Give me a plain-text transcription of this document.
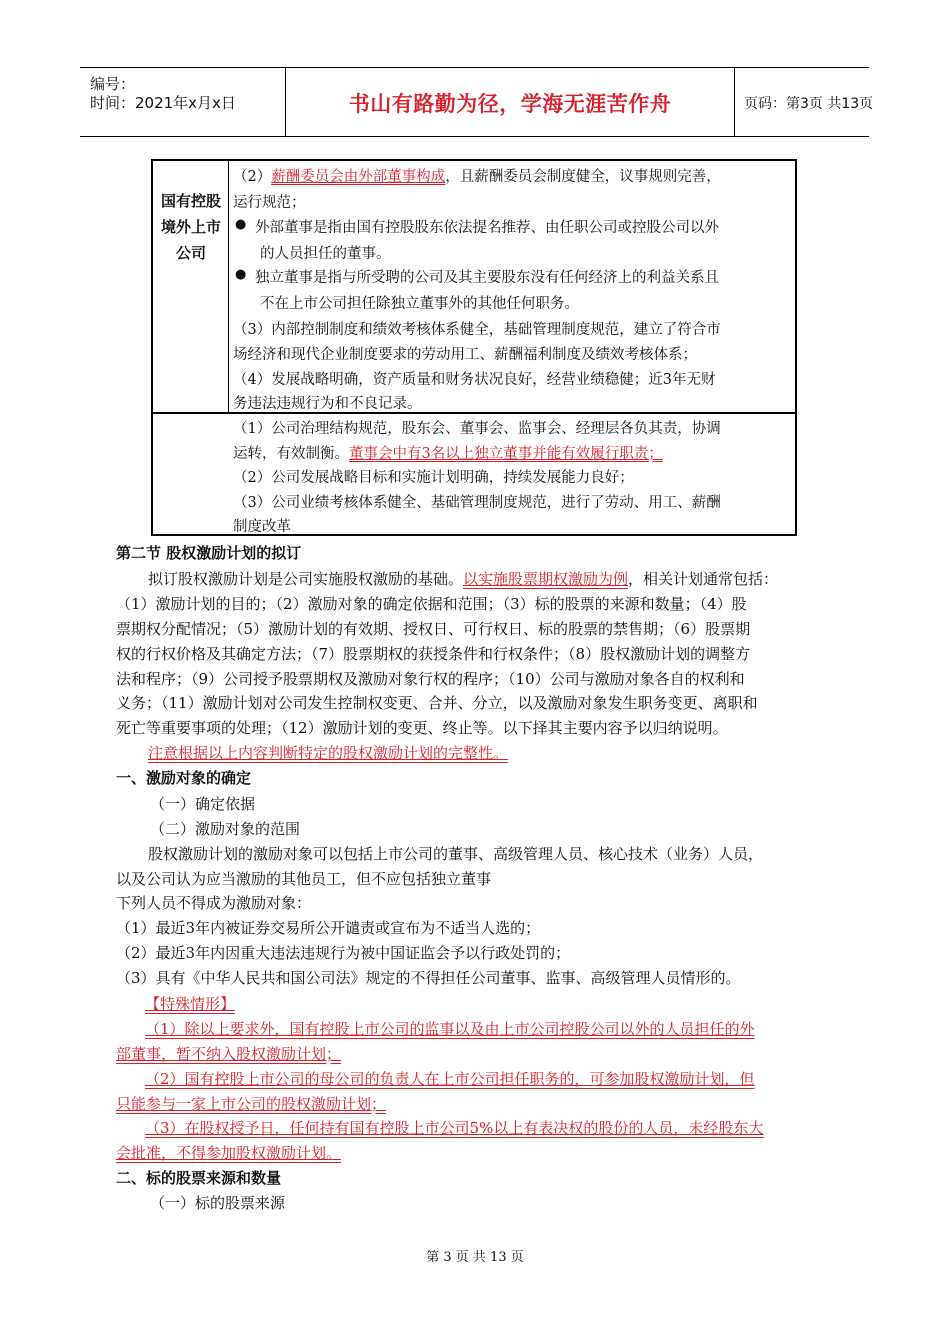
编号：
时间：2021年x月x日	书山有路勤为径，学海无涯苦作舟	页码：第3页 共13页
（2）薪酬委员会由外部董事构成，且薪酬委员会制度健全，议事规则完善，
运行规范；
● 外部董事是指由国有控股股东依法提名推荐、由任职公司或控股公司以外
的人员担任的董事。
● 独立董事是指与所受聘的公司及其主要股东没有任何经济上的利益关系且
不在上市公司担任除独立董事外的其他任何职务。
（3）内部控制制度和绩效考核体系健全，基础管理制度规范，建立了符合市
场经济和现代企业制度要求的劳动用工、薪酬福利制度及绩效考核体系；
（4）发展战略明确，资产质量和财务状况良好，经营业绩稳健；近3年无财
务违法违规行为和不良记录。
国有控股
境外上市
公司
（1）公司治理结构规范，股东会、董事会、监事会、经理层各负其责，协调
运转，有效制衡。董事会中有3名以上独立董事并能有效履行职责；
（2）公司发展战略目标和实施计划明确，持续发展能力良好；
（3）公司业绩考核体系健全、基础管理制度规范，进行了劳动、用工、薪酬
制度改革
第二节 股权激励计划的拟订
拟订股权激励计划是公司实施股权激励的基础。以实施股票期权激励为例，相关计划通常包括：
（1）激励计划的目的；（2）激励对象的确定依据和范围；（3）标的股票的来源和数量；（4）股
票期权分配情况；（5）激励计划的有效期、授权日、可行权日、标的股票的禁售期；（6）股票期
权的行权价格及其确定方法；（7）股票期权的获授条件和行权条件；（8）股权激励计划的调整方
法和程序；（9）公司授予股票期权及激励对象行权的程序；（10）公司与激励对象各自的权利和
义务；（11）激励计划对公司发生控制权变更、合并、分立，以及激励对象发生职务变更、离职和
死亡等重要事项的处理；（12）激励计划的变更、终止等。以下择其主要内容予以归纳说明。
注意根据以上内容判断特定的股权激励计划的完整性。
一、激励对象的确定
（一）确定依据
（二）激励对象的范围
股权激励计划的激励对象可以包括上市公司的董事、高级管理人员、核心技术（业务）人员，
以及公司认为应当激励的其他员工，但不应包括独立董事
下列人员不得成为激励对象：
（1）最近3年内被证券交易所公开谴责或宣布为不适当人选的；
（2）最近3年内因重大违法违规行为被中国证监会予以行政处罚的；
（3）具有《中华人民共和国公司法》规定的不得担任公司董事、监事、高级管理人员情形的。
【特殊情形】
（1）除以上要求外，国有控股上市公司的监事以及由上市公司控股公司以外的人员担任的外
部董事，暂不纳入股权激励计划；
（2）国有控股上市公司的母公司的负责人在上市公司担任职务的，可参加股权激励计划，但
只能参与一家上市公司的股权激励计划；
（3）在股权授予日，任何持有国有控股上市公司5%以上有表决权的股份的人员，未经股东大
会批准，不得参加股权激励计划。
二、标的股票来源和数量
（一）标的股票来源
第 3 页 共 13 页
